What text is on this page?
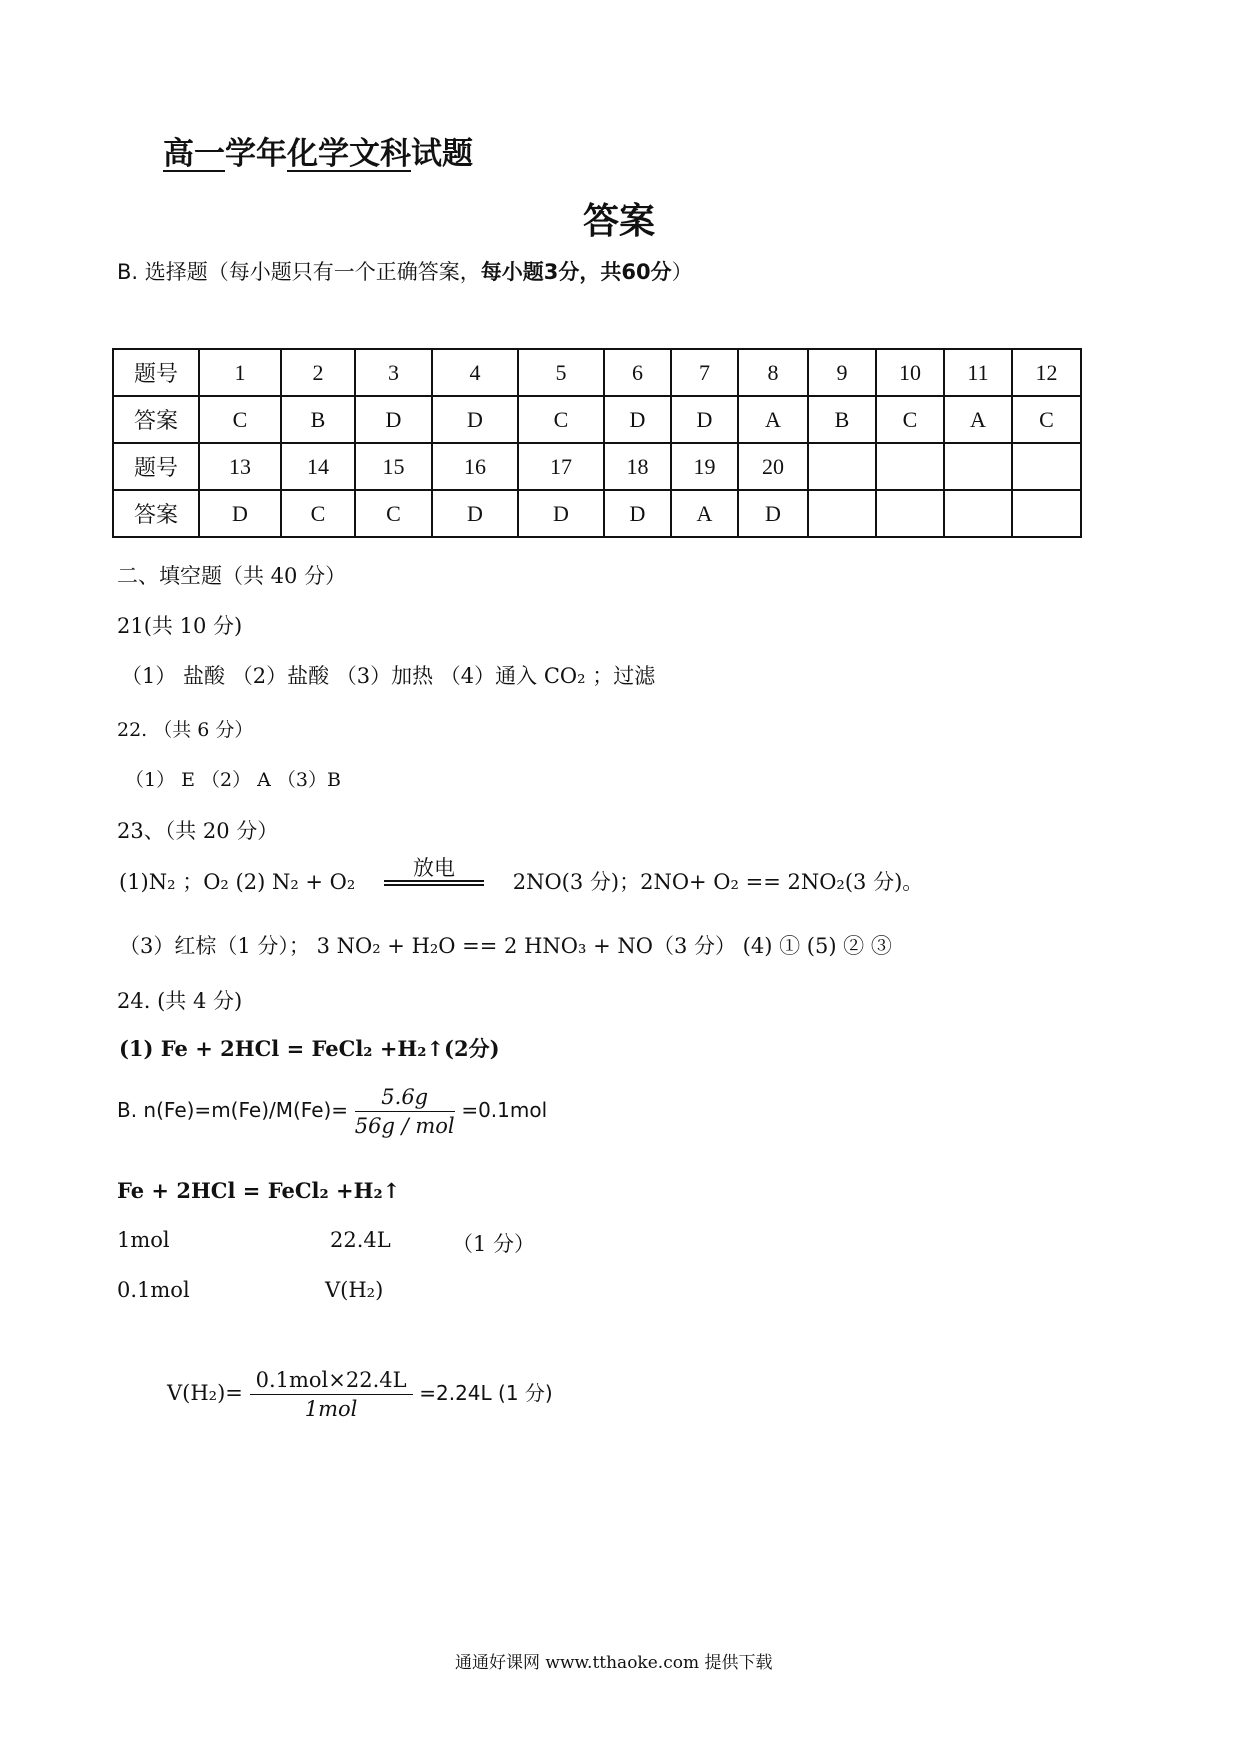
高一学年化学文科试题
答案
B. 选择题（每小题只有一个正确答案，每小题3分，共60分）
题号	1	2	3	4	5	6	7	8	9	10	11	12
答案	C	B	D	D	C	D	D	A	B	C	A	C
题号	13	14	15	16	17	18	19	20				
答案	D	C	C	D	D	D	A	D				
二、填空题（共 40 分）
21(共 10 分)
（1） 盐酸 （2）盐酸 （3）加热 （4）通入 CO₂ ；过滤
22. （共 6 分）
（1） E （2） A （3）B
23、（共 20 分）
(1)N₂ ；O₂ (2) N₂ + O₂ 放电
2NO(3 分)；2NO+ O₂ == 2NO₂(3 分)。
（3）红棕（1 分）； 3 NO₂ + H₂O == 2 HNO₃ + NO（3 分） (4) ① (5) ② ③
24. (共 4 分)
(1) Fe + 2HCl = FeCl₂ +H₂↑(2分)
B. $n(Fe)=m(Fe)/M(Fe)= \frac{5.6g}{\text{56g / mol}} =0.1mol$
Fe + 2HCl = FeCl₂ +H₂↑
1mol	22.4L	（1 分）
0.1mol	V(H₂)
$V(H_2)= \frac{\text{0.1mol×22.4L}}{\text{1mol}} =2.24L$ (1 分)
通通好课网 www.tthaoke.com 提供下载
